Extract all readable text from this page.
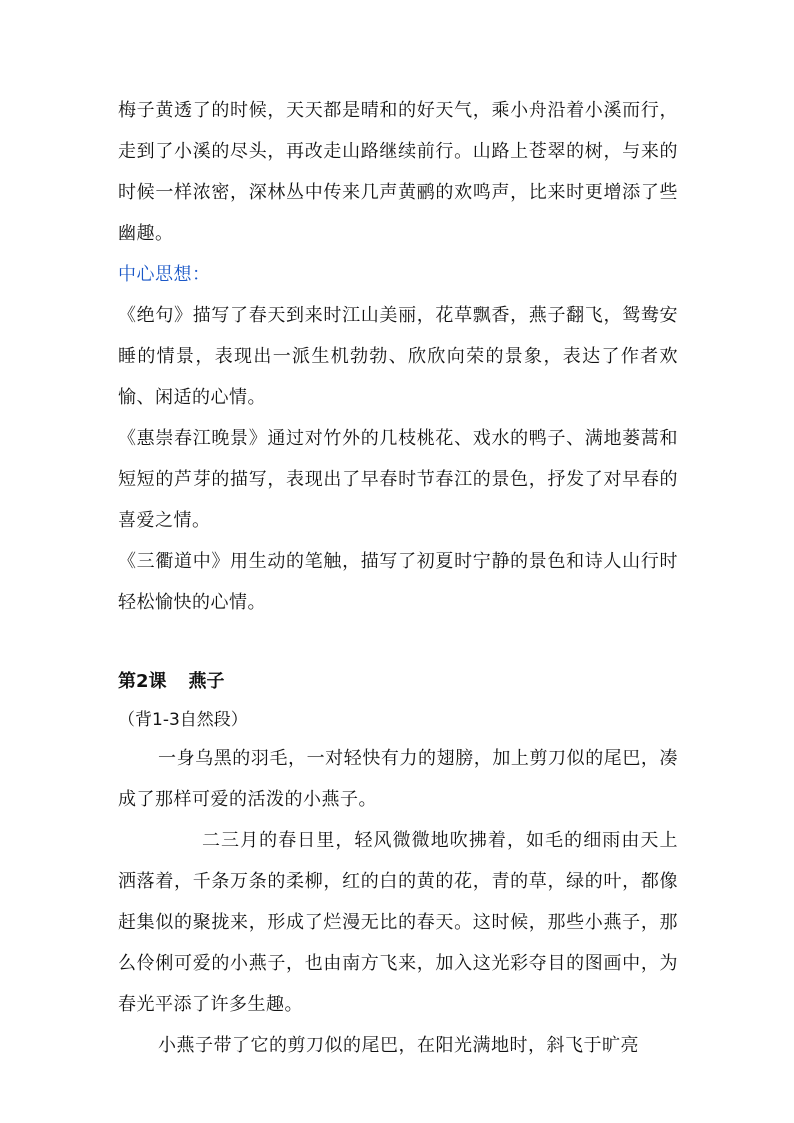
梅子黄透了的时候，天天都是晴和的好天气，乘小舟沿着小溪而行，走到了小溪的尽头，再改走山路继续前行。山路上苍翠的树，与来的时候一样浓密，深林丛中传来几声黄鹂的欢鸣声，比来时更增添了些幽趣。

中心思想：

《绝句》描写了春天到来时江山美丽，花草飘香，燕子翻飞，鸳鸯安睡的情景，表现出一派生机勃勃、欣欣向荣的景象，表达了作者欢愉、闲适的心情。

《惠崇春江晚景》通过对竹外的几枝桃花、戏水的鸭子、满地蒌蒿和短短的芦芽的描写，表现出了早春时节春江的景色，抒发了对早春的喜爱之情。

《三衢道中》用生动的笔触，描写了初夏时宁静的景色和诗人山行时轻松愉快的心情。

第2课 燕子
（背1-3自然段）

一身乌黑的羽毛，一对轻快有力的翅膀，加上剪刀似的尾巴，凑成了那样可爱的活泼的小燕子。

二三月的春日里，轻风微微地吹拂着，如毛的细雨由天上洒落着，千条万条的柔柳，红的白的黄的花，青的草，绿的叶，都像赶集似的聚拢来，形成了烂漫无比的春天。这时候，那些小燕子，那么伶俐可爱的小燕子，也由南方飞来，加入这光彩夺目的图画中，为春光平添了许多生趣。

小燕子带了它的剪刀似的尾巴，在阳光满地时，斜飞于旷亮
